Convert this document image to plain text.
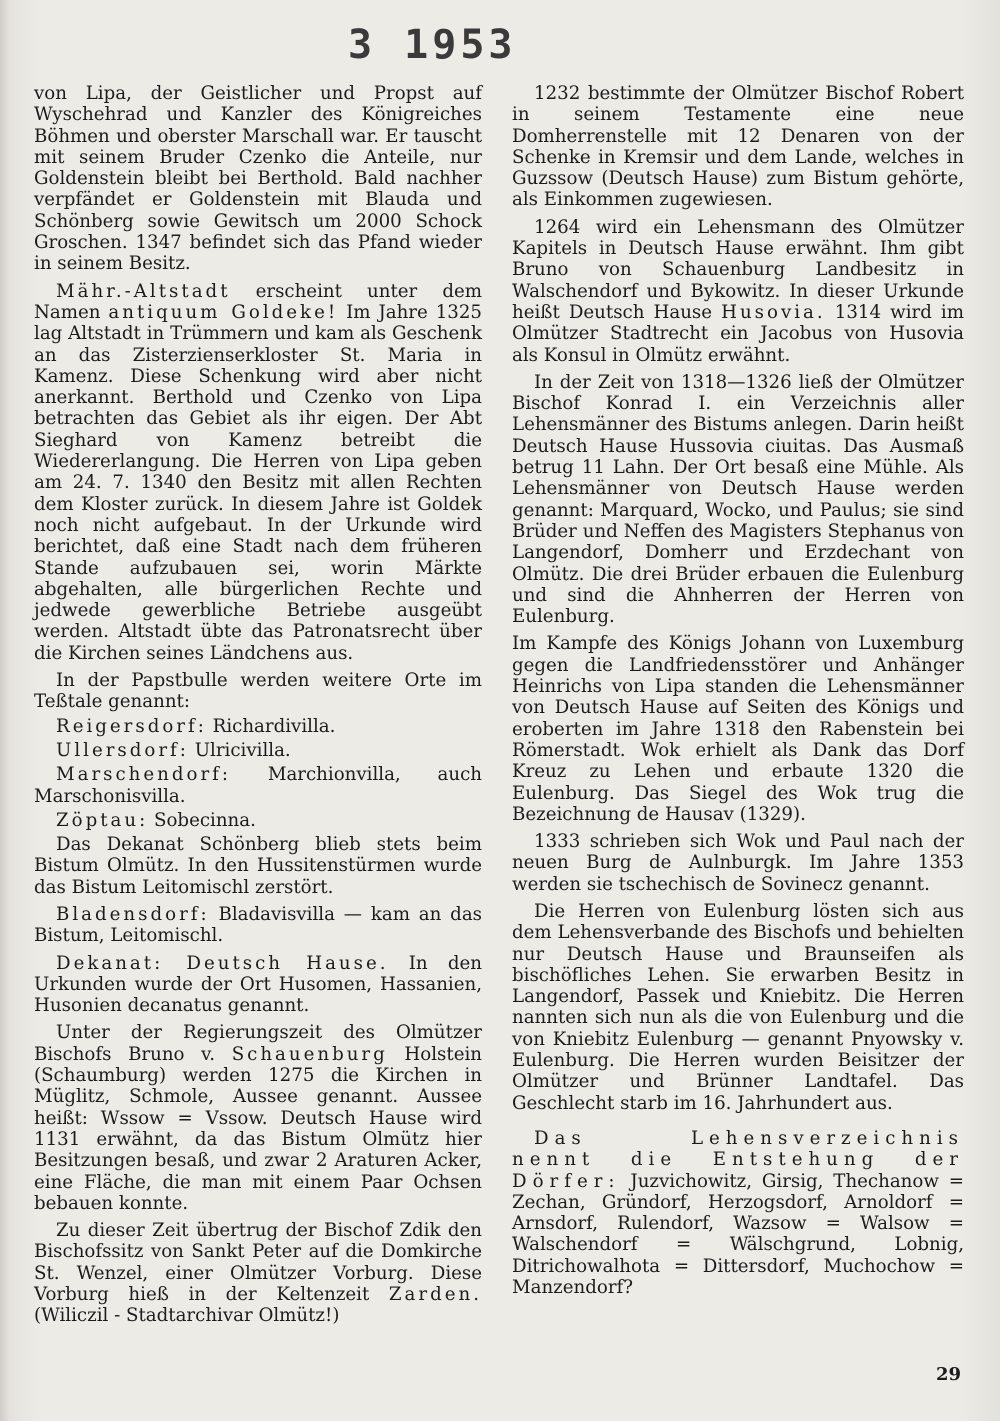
3 1953

von Lipa, der Geistlicher und Propst auf Wyschehrad und Kanzler des Königreiches Böhmen und oberster Marschall war. Er tauscht mit seinem Bruder Czenko die Anteile, nur Goldenstein bleibt bei Berthold. Bald nachher verpfändet er Goldenstein mit Blauda und Schönberg sowie Gewitsch um 2000 Schock Groschen. 1347 befindet sich das Pfand wieder in seinem Besitz.

Mähr.-Altstadt erscheint unter dem Namen antiquum Goldeke! Im Jahre 1325 lag Altstadt in Trümmern und kam als Geschenk an das Zisterzienserkloster St. Maria in Kamenz. Diese Schenkung wird aber nicht anerkannt. Berthold und Czenko von Lipa betrachten das Gebiet als ihr eigen. Der Abt Sieghard von Kamenz betreibt die Wiedererlangung. Die Herren von Lipa geben am 24. 7. 1340 den Besitz mit allen Rechten dem Kloster zurück. In diesem Jahre ist Goldek noch nicht aufgebaut. In der Urkunde wird berichtet, daß eine Stadt nach dem früheren Stande aufzubauen sei, worin Märkte abgehalten, alle bürgerlichen Rechte und jedwede gewerbliche Betriebe ausgeübt werden. Altstadt übte das Patronatsrecht über die Kirchen seines Ländchens aus.

In der Papstbulle werden weitere Orte im Teßtale genannt:

Reigersdorf: Richardivilla.

Ullersdorf: Ulricivilla.

Marschendorf: Marchionvilla, auch Marschonisvilla.

Zöptau: Sobecinna.

Das Dekanat Schönberg blieb stets beim Bistum Olmütz. In den Hussitenstürmen wurde das Bistum Leitomischl zerstört.

Bladensdorf: Bladavisvilla — kam an das Bistum, Leitomischl.

Dekanat: Deutsch Hause. In den Urkunden wurde der Ort Husomen, Hassanien, Husonien decanatus genannt.

Unter der Regierungszeit des Olmützer Bischofs Bruno v. Schauenburg Holstein (Schaumburg) werden 1275 die Kirchen in Müglitz, Schmole, Aussee genannt. Aussee heißt: Wssow = Vssow. Deutsch Hause wird 1131 erwähnt, da das Bistum Olmütz hier Besitzungen besaß, und zwar 2 Araturen Acker, eine Fläche, die man mit einem Paar Ochsen bebauen konnte.

Zu dieser Zeit übertrug der Bischof Zdik den Bischofssitz von Sankt Peter auf die Domkirche St. Wenzel, einer Olmützer Vorburg. Diese Vorburg hieß in der Keltenzeit Zarden. (Wiliczil - Stadtarchivar Olmütz!)

1232 bestimmte der Olmützer Bischof Robert in seinem Testamente eine neue Domherrenstelle mit 12 Denaren von der Schenke in Kremsir und dem Lande, welches in Guzssow (Deutsch Hause) zum Bistum gehörte, als Einkommen zugewiesen.

1264 wird ein Lehensmann des Olmützer Kapitels in Deutsch Hause erwähnt. Ihm gibt Bruno von Schauenburg Landbesitz in Walschendorf und Bykowitz. In dieser Urkunde heißt Deutsch Hause Husovia. 1314 wird im Olmützer Stadtrecht ein Jacobus von Husovia als Konsul in Olmütz erwähnt.

In der Zeit von 1318—1326 ließ der Olmützer Bischof Konrad I. ein Verzeichnis aller Lehensmänner des Bistums anlegen. Darin heißt Deutsch Hause Hussovia ciuitas. Das Ausmaß betrug 11 Lahn. Der Ort besaß eine Mühle. Als Lehensmänner von Deutsch Hause werden genannt: Marquard, Wocko, und Paulus; sie sind Brüder und Neffen des Magisters Stephanus von Langendorf, Domherr und Erzdechant von Olmütz. Die drei Brüder erbauen die Eulenburg und sind die Ahnherren der Herren von Eulenburg.

Im Kampfe des Königs Johann von Luxemburg gegen die Landfriedensstörer und Anhänger Heinrichs von Lipa standen die Lehensmänner von Deutsch Hause auf Seiten des Königs und eroberten im Jahre 1318 den Rabenstein bei Römerstadt. Wok erhielt als Dank das Dorf Kreuz zu Lehen und erbaute 1320 die Eulenburg. Das Siegel des Wok trug die Bezeichnung de Hausav (1329).

1333 schrieben sich Wok und Paul nach der neuen Burg de Aulnburgk. Im Jahre 1353 werden sie tschechisch de Sovinecz genannt.

Die Herren von Eulenburg lösten sich aus dem Lehensverbande des Bischofs und behielten nur Deutsch Hause und Braunseifen als bischöfliches Lehen. Sie erwarben Besitz in Langendorf, Passek und Kniebitz. Die Herren nannten sich nun als die von Eulenburg und die von Kniebitz Eulenburg — genannt Pnyowsky v. Eulenburg. Die Herren wurden Beisitzer der Olmützer und Brünner Landtafel. Das Geschlecht starb im 16. Jahrhundert aus.

Das Lehensverzeichnis nennt die Entstehung der Dörfer: Juzvichowitz, Girsig, Thechanow = Zechan, Gründorf, Herzogsdorf, Arnoldorf = Arnsdorf, Rulendorf, Wazsow = Walsow = Walschendorf = Wälschgrund, Lobnig, Ditrichowalhota = Dittersdorf, Muchochow = Manzendorf?

29
